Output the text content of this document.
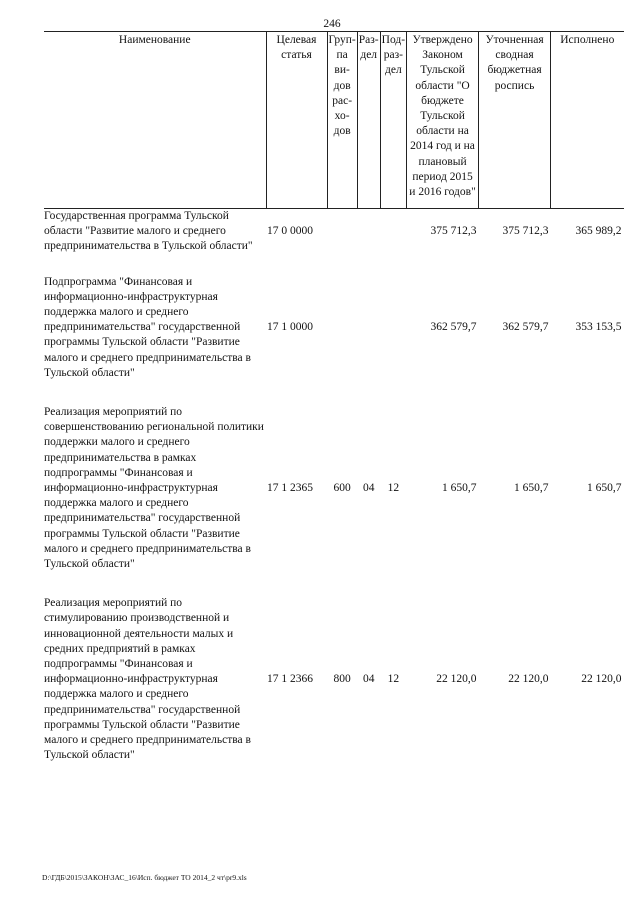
246
Наименование	Целевая статья	Груп-па ви-дов рас-хо-дов	Раз-дел	Под-раз-дел	Утверждено Законом Тульской области "О бюджете Тульской области на 2014 год и на плановый период 2015 и 2016 годов"	Уточненная сводная бюджетная роспись	Исполнено
Государственная программа Тульской области "Развитие малого и среднего предпринимательства в Тульской области"	17 0 0000				375 712,3	375 712,3	365 989,2

Подпрограмма "Финансовая и информационно-инфраструктурная поддержка малого и среднего предпринимательства" государственной программы Тульской области "Развитие малого и среднего предпринимательства в Тульской области"	17 1 0000				362 579,7	362 579,7	353 153,5

Реализация мероприятий по совершенствованию региональной политики поддержки малого и среднего предпринимательства в рамках подпрограммы "Финансовая и информационно-инфраструктурная поддержка малого и среднего предпринимательства" государственной программы Тульской области "Развитие малого и среднего предпринимательства в Тульской области"	17 1 2365	600	04	12	1 650,7	1 650,7	1 650,7

Реализация мероприятий по стимулированию производственной и инновационной деятельности малых и средних предприятий в рамках подпрограммы "Финансовая и информационно-инфраструктурная поддержка малого и среднего предпринимательства" государственной программы Тульской области "Развитие малого и среднего предпринимательства в Тульской области"	17 1 2366	800	04	12	22 120,0	22 120,0	22 120,0
D:\ГДБ\2015\ЗАКОН\ЗАС_16\Исп. бюджет ТО 2014_2 чт\pr9.xls
